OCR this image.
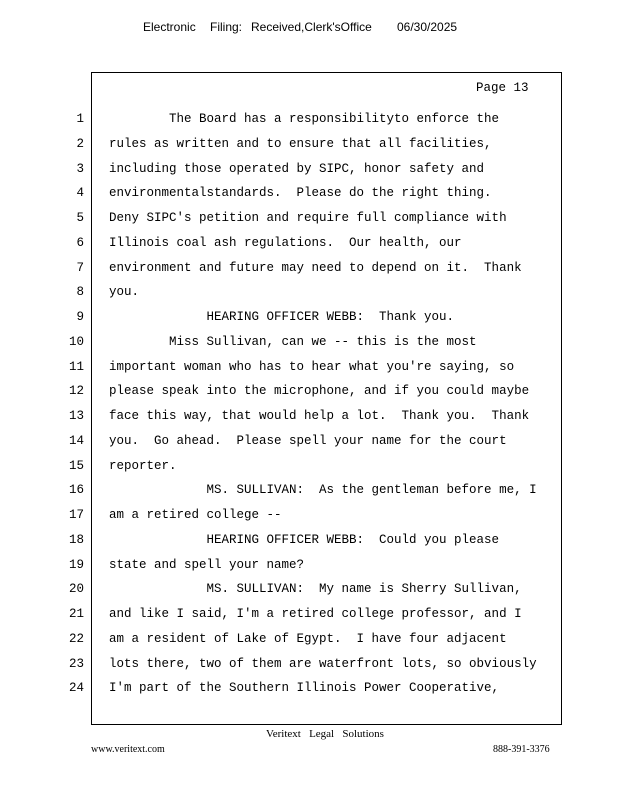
Electronic

Filing:

Received,Clerk'sOffice

06/30/2025

Page 13
1
2
3
4
5
6
7
8
9
10
11
12
13
14
15
16
17
18
19
20
21
22
23
24
The Board has a responsibilityto enforce the
rules as written and to ensure that all facilities,
including those operated by SIPC, honor safety and
environmentalstandards.  Please do the right thing.
Deny SIPC's petition and require full compliance with
Illinois coal ash regulations.  Our health, our
environment and future may need to depend on it.  Thank
you.
HEARING OFFICER WEBB:  Thank you.
Miss Sullivan, can we -- this is the most
important woman who has to hear what you're saying, so
please speak into the microphone, and if you could maybe
face this way, that would help a lot.  Thank you.  Thank
you.  Go ahead.  Please spell your name for the court
reporter.
MS. SULLIVAN:  As the gentleman before me, I
am a retired college --
HEARING OFFICER WEBB:  Could you please
state and spell your name?
MS. SULLIVAN:  My name is Sherry Sullivan,
and like I said, I'm a retired college professor, and I
am a resident of Lake of Egypt.  I have four adjacent
lots there, two of them are waterfront lots, so obviously
I'm part of the Southern Illinois Power Cooperative,
Veritext   Legal   Solutions
www.veritext.com	888-391-3376
